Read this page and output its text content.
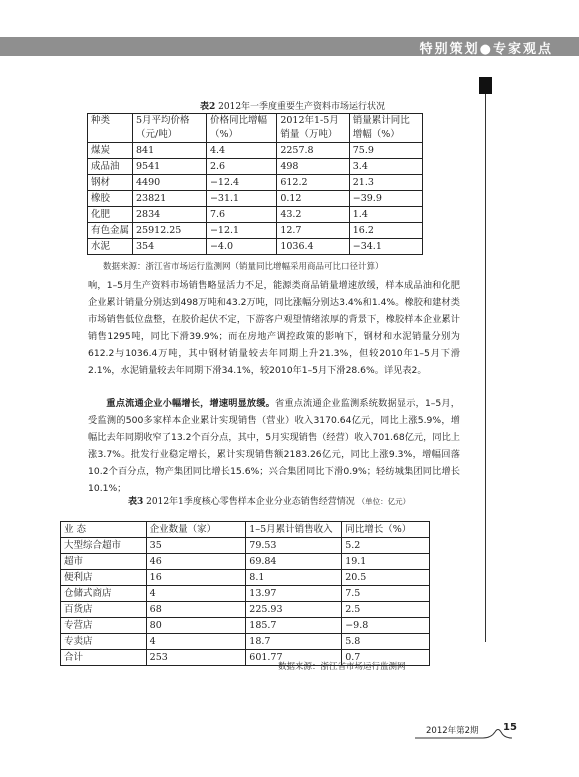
特别策划●专家观点
表2 2012年一季度重要生产资料市场运行状况
种类	5月平均价格（元/吨）	价格同比增幅（%）	2012年1-5月销量（万吨）	销量累计同比增幅（%）
煤炭	841	4.4	2257.8	75.9
成品油	9541	2.6	498	3.4
钢材	4490	−12.4	612.2	21.3
橡胶	23821	−31.1	0.12	−39.9
化肥	2834	7.6	43.2	1.4
有色金属	25912.25	−12.1	12.7	16.2
水泥	354	−4.0	1036.4	−34.1
数据来源：浙江省市场运行监测网（销量同比增幅采用商品可比口径计算）

响，1–5月生产资料市场销售略显活力不足，能源类商品销量增速放缓，样本成品油和化肥企业累计销量分别达到498万吨和43.2万吨，同比涨幅分别达3.4%和1.4%。橡胶和建材类市场销售低位盘整，在胶价起伏不定，下游客户观望情绪浓厚的背景下，橡胶样本企业累计销售1295吨，同比下滑39.9%；而在房地产调控政策的影响下，钢材和水泥销量分别为612.2与1036.4万吨，其中钢材销量较去年同期上升21.3%，但较2010年1–5月下滑2.1%，水泥销量较去年同期下滑34.1%，较2010年1–5月下滑28.6%。详见表2。

重点流通企业小幅增长，增速明显放缓。省重点流通企业监测系统数据显示，1–5月，受监测的500多家样本企业累计实现销售（营业）收入3170.64亿元，同比上涨5.9%，增幅比去年同期收窄了13.2个百分点，其中，5月实现销售（经营）收入701.68亿元，同比上涨3.7%。批发行业稳定增长，累计实现销售额2183.26亿元，同比上涨9.3%，增幅回落10.2个百分点，物产集团同比增长15.6%；兴合集团同比下滑0.9%；轻纺城集团同比增长10.1%；

表3 2012年1季度核心零售样本企业分业态销售经营情况 （单位：亿元）
业 态	企业数量（家）	1–5月累计销售收入	同比增长（%）
大型综合超市	35	79.53	5.2
超市	46	69.84	19.1
便利店	16	8.1	20.5
仓储式商店	4	13.97	7.5
百货店	68	225.93	2.5
专营店	80	185.7	−9.8
专卖店	4	18.7	5.8
合计	253	601.77	0.7
数据来源：浙江省市场运行监测网
2012年第2期 15
